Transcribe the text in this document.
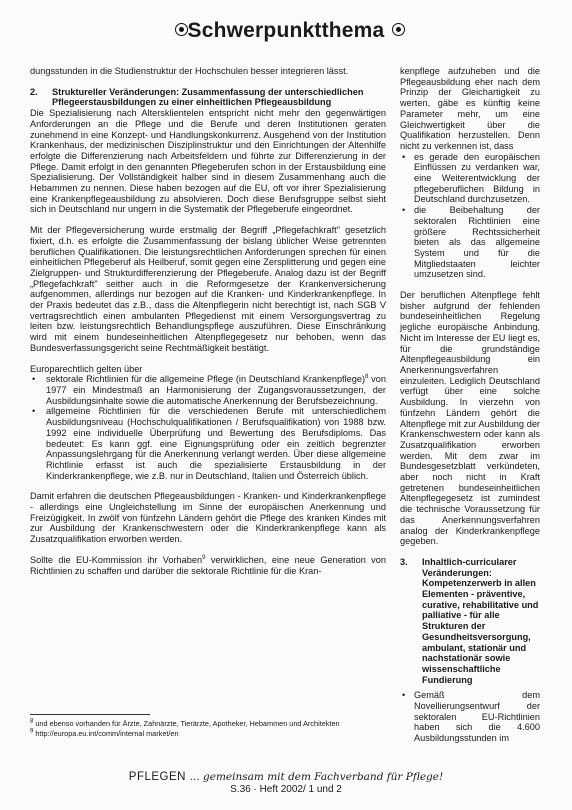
Schwerpunktthema

dungsstunden in die Studienstruktur der Hochschulen besser integrieren lässt.

2.	Struktureller Veränderungen: Zusammenfassung der unterschiedlichen Pflegeerstausbildungen zu einer einheitlichen Pflegeausbildung

Die Spezialisierung nach Altersklientelen entspricht nicht mehr den gegenwärtigen Anforderungen an die Pflege und die Berufe und deren Institutionen geraten zunehmend in eine Konzept- und Handlungskonkurrenz. Ausgehend von der Institution Krankenhaus, der medizinischen Disziplinstruktur und den Einrichtungen der Altenhilfe erfolgte die Differenzierung nach Arbeitsfeldern und führte zur Differenzierung in der Pflege. Damit erfolgt in den genannten Pflegeberufen schon in der Erstausbildung eine Spezialisierung. Der Vollständigkeit halber sind in diesem Zusammenhang auch die Hebammen zu nennen. Diese haben bezogen auf die EU, oft vor ihrer Spezialisierung eine Krankenpflegeausbildung zu absolvieren. Doch diese Berufsgruppe selbst sieht sich in Deutschland nur ungern in die Systematik der Pflegeberufe eingeordnet.

Mit der Pflegeversicherung wurde erstmalig der Begriff „Pflegefachkraft" gesetzlich fixiert, d.h. es erfolgte die Zusammenfassung der bislang üblicher Weise getrennten beruflichen Qualifikationen. Die leistungsrechtlichen Anforderungen sprechen für einen einheitlichen Pflegeberuf als Heilberuf, somit gegen eine Zersplitterung und gegen eine Zielgruppen- und Strukturdifferenzierung der Pflegeberufe. Analog dazu ist der Begriff „Pflegefachkraft" seither auch in die Reformgesetze der Krankenversicherung aufgenommen, allerdings nur bezogen auf die Kranken- und Kinderkrankenpflege. In der Praxis bedeutet das z.B., dass die Altenpflegerin nicht berechtigt ist, nach SGB V vertragsrechtlich einen ambulanten Pflegedienst mit einem Versorgungsvertrag zu leiten bzw. leistungsrechtlich Behandlungspflege auszuführen. Diese Einschränkung wird mit einem bundeseinheitlichen Altenpflegegesetz nur behoben, wenn das Bundesverfassungsgericht seine Rechtmäßigkeit bestätigt.

Europarechtlich gelten über

• sektorale Richtlinien für die allgemeine Pflege (in Deutschland Krankenpflege)$^8$ von 1977 ein Mindestmaß an Harmonisierung der Zugangsvoraussetzungen, der Ausbildungsinhalte sowie die automatische Anerkennung der Berufsbezeichnung.
• allgemeine Richtlinien für die verschiedenen Berufe mit unterschiedlichem Ausbildungsniveau (Hochschulqualifikationen / Berufsqualifikation) von 1988 bzw. 1992 eine individuelle Überprüfung und Bewertung des Berufsdiploms. Das bedeutet: Es kann ggf. eine Eignungsprüfung oder ein zeitlich begrenzter Anpassungslehrgang für die Anerkennung verlangt werden. Über diese allgemeine Richtlinie erfasst ist auch die spezialisierte Erstausbildung in der Kinderkrankenpflege, wie z.B. nur in Deutschland, Italien und Österreich üblich.

Damit erfahren die deutschen Pflegeausbildungen - Kranken- und Kinderkrankenpflege - allerdings eine Ungleichstellung im Sinne der europäischen Anerkennung und Freizügigkeit. In zwölf von fünfzehn Ländern gehört die Pflege des kranken Kindes mit zur Ausbildung der Krankenschwestern oder die Kinderkrankenpflege kann als Zusatzqualifikation erworben werden.

Sollte die EU-Kommission ihr Vorhaben$^9$ verwirklichen, eine neue Generation von Richtlinien zu schaffen und darüber die sektorale Richtlinie für die Kran-

kenpflege aufzuheben und die Pflegeausbildung eher nach dem Prinzip der Gleichartigkeit zu werten, gäbe es künftig keine Parameter mehr, um eine Gleichwertigkeit über die Qualifikation herzustellen. Denn nicht zu verkennen ist, dass

• es gerade den europäischen Einflüssen zu verdanken war, eine Weiterentwicklung der pflegeberuflichen Bildung in Deutschland durchzusetzen.
• die Beibehaltung der sektoralen Richtlinien eine größere Rechtssicherheit bieten als das allgemeine System und für die Mitgliedstaaten leichter umzusetzen sind.

Der beruflichen Altenpflege fehlt bisher aufgrund der fehlenden bundeseinheitlichen Regelung jegliche europäische Anbindung. Nicht im Interesse der EU liegt es, für die grundständige Altenpflegeausbildung ein Anerkennungsverfahren einzuleiten. Lediglich Deutschland verfügt über eine solche Ausbildung. In vierzehn von fünfzehn Ländern gehört die Altenpflege mit zur Ausbildung der Krankenschwestern oder kann als Zusatzqualifikation erworben werden. Mit dem zwar im Bundesgesetzblatt verkündeten, aber noch nicht in Kraft getretenen bundeseinheitlichen Altenpflegegesetz ist zumindest die technische Voraussetzung für das Anerkennungsverfahren analog der Kinderkrankenpflege gegeben.

3.	Inhaltlich-curricularer Veränderungen: Kompetenzerwerb in allen Elementen - präventive, curative, rehabilitative und palliative - für alle Strukturen der Gesundheitsversorgung, ambulant, stationär und nachstationär sowie wissenschaftliche Fundierung
• Gemäß dem Novellierungsentwurf der sektoralen EU-Richtlinien haben sich die 4.600 Ausbildungsstunden im
$^8$ und ebenso vorhanden für Ärzte, Zahnärzte, Tierärzte, Apotheker, Hebammen und Architekten
$^9$ http://europa.eu.int/comm/internal market/en
PFLEGEN ... gemeinsam mit dem Fachverband für Pflege!
S.36 · Heft 2002/ 1 und 2
